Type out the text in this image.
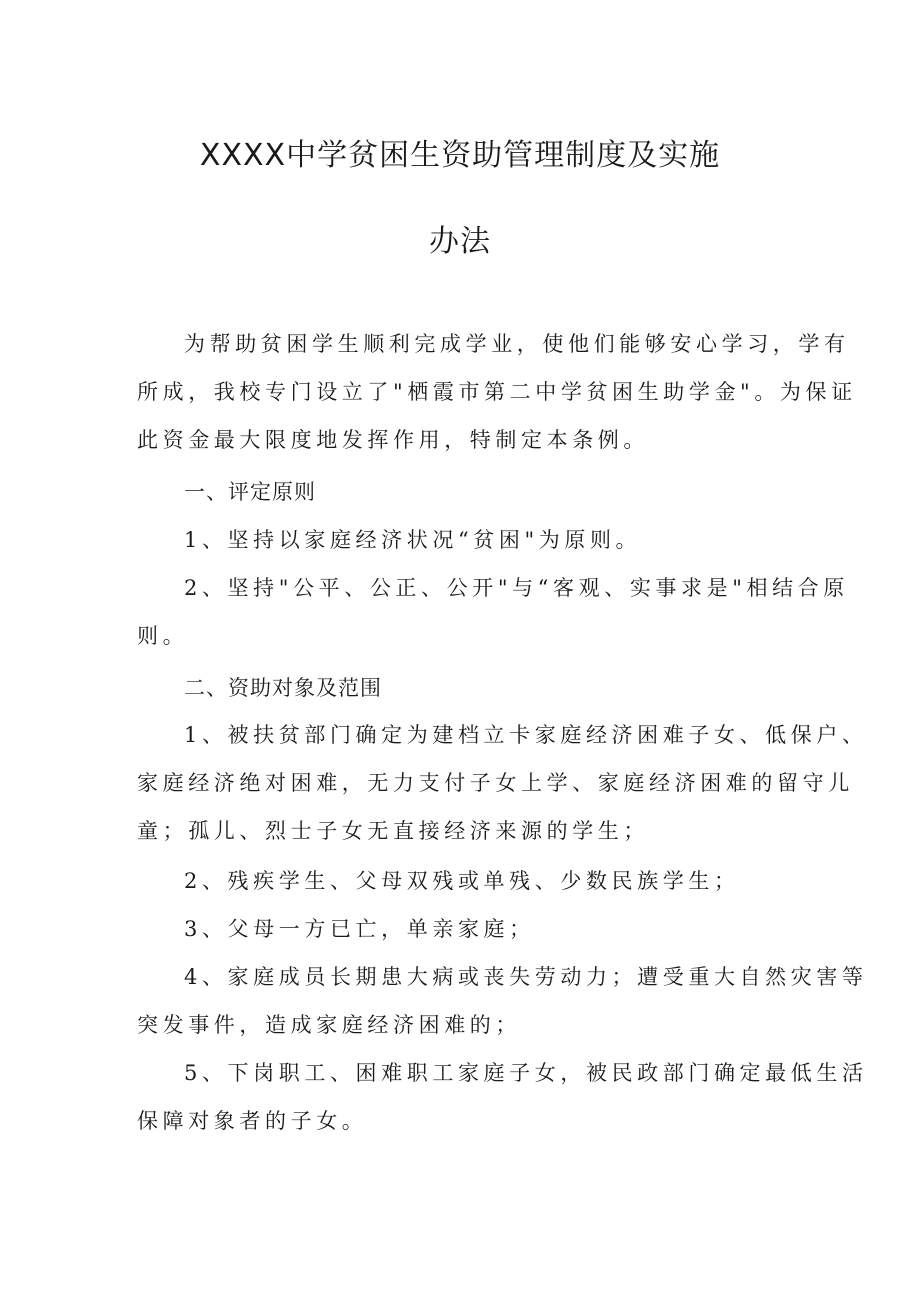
XXXX中学贫困生资助管理制度及实施
办法
为帮助贫困学生顺利完成学业，使他们能够安心学习，学有
所成，我校专门设立了"栖霞市第二中学贫困生助学金"。为保证
此资金最大限度地发挥作用，特制定本条例。
一、评定原则
1、坚持以家庭经济状况“贫困"为原则。
2、坚持"公平、公正、公开"与“客观、实事求是"相结合原
则。
二、资助对象及范围
1、被扶贫部门确定为建档立卡家庭经济困难子女、低保户、
家庭经济绝对困难，无力支付子女上学、家庭经济困难的留守儿
童；孤儿、烈士子女无直接经济来源的学生；
2、残疾学生、父母双残或单残、少数民族学生；
3、父母一方已亡，单亲家庭；
4、家庭成员长期患大病或丧失劳动力；遭受重大自然灾害等
突发事件，造成家庭经济困难的；
5、下岗职工、困难职工家庭子女，被民政部门确定最低生活
保障对象者的子女。
